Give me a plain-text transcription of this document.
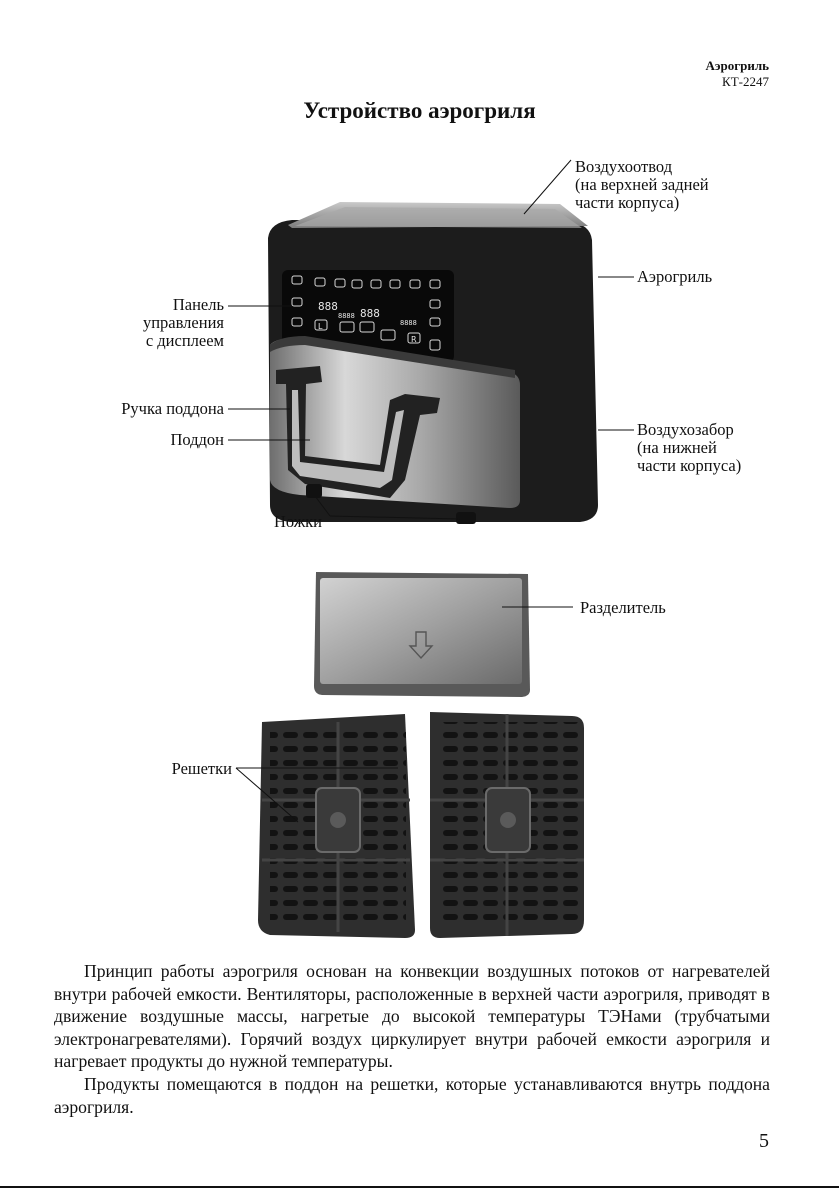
Аэрогриль
КТ-2247
Устройство аэрогриля
888
8888 888
8888
L
R
Воздухоотвод
(на верхней задней
части корпуса)
Аэрогриль
Панель
управления
с дисплеем
Ручка поддона
Поддон
Воздухозабор
(на нижней
части корпуса)
Ножки
Разделитель
Решетки

Принцип работы аэрогриля основан на конвекции воздушных потоков от нагревателей внутри рабочей емкости. Вентиляторы, расположенные в верхней части аэрогриля, приводят в движение воздушные массы, нагретые до высокой температуры ТЭНами (трубчатыми электронагревателями). Горячий воздух циркулирует внутри рабочей емкости аэрогриля и нагревает продукты до нужной температуры.

Продукты помещаются в поддон на решетки, которые устанавливаются внутрь поддона аэрогриля.

5
